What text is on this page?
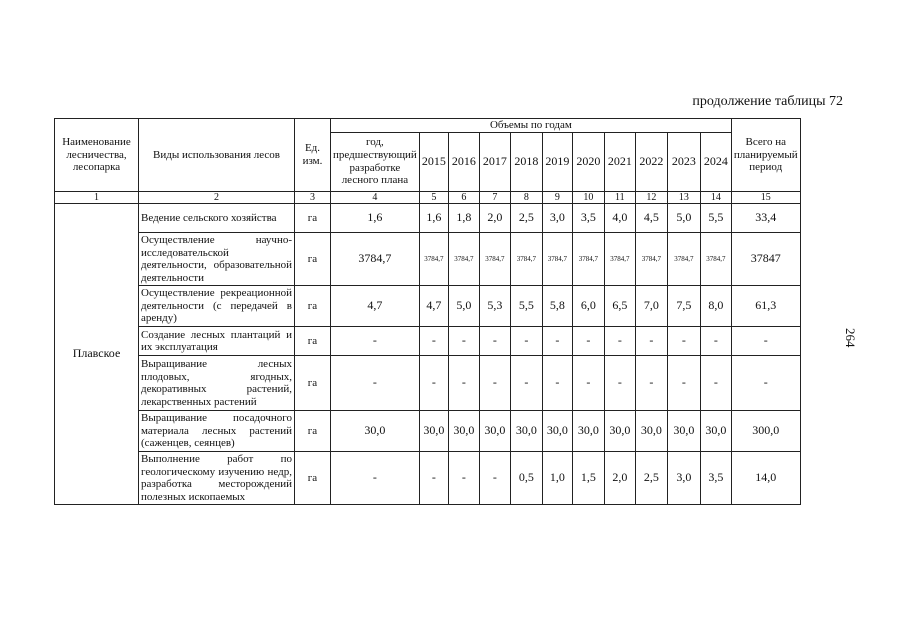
продолжение таблицы 72
264
Наименование лесничества, лесопарка	Виды использования лесов	Ед. изм.	Объемы по годам											Всего на планируемый период
			год, предшествующий разработке лесного плана	2015	2016	2017	2018	2019	2020	2021	2022	2023	2024	
1	2	3	4	5	6	7	8	9	10	11	12	13	14	15
Плавское	Ведение сельского хозяйства	га	1,6	1,6	1,8	2,0	2,5	3,0	3,5	4,0	4,5	5,0	5,5	33,4
	Осуществление научно-исследовательской деятельности, образовательной деятельности	га	3784,7	3784,7	3784,7	3784,7	3784,7	3784,7	3784,7	3784,7	3784,7	3784,7	3784,7	37847
	Осуществление рекреационной деятельности (с передачей в аренду)	га	4,7	4,7	5,0	5,3	5,5	5,8	6,0	6,5	7,0	7,5	8,0	61,3
	Создание лесных плантаций и их эксплуатация	га	-	-	-	-	-	-	-	-	-	-	-	-
	Выращивание лесных плодовых, ягодных, декоративных растений, лекарственных растений	га	-	-	-	-	-	-	-	-	-	-	-	-
	Выращивание посадочного материала лесных растений (саженцев, сеянцев)	га	30,0	30,0	30,0	30,0	30,0	30,0	30,0	30,0	30,0	30,0	30,0	300,0
	Выполнение работ по геологическому изучению недр, разработка месторождений полезных ископаемых	га	-	-	-	-	0,5	1,0	1,5	2,0	2,5	3,0	3,5	14,0
